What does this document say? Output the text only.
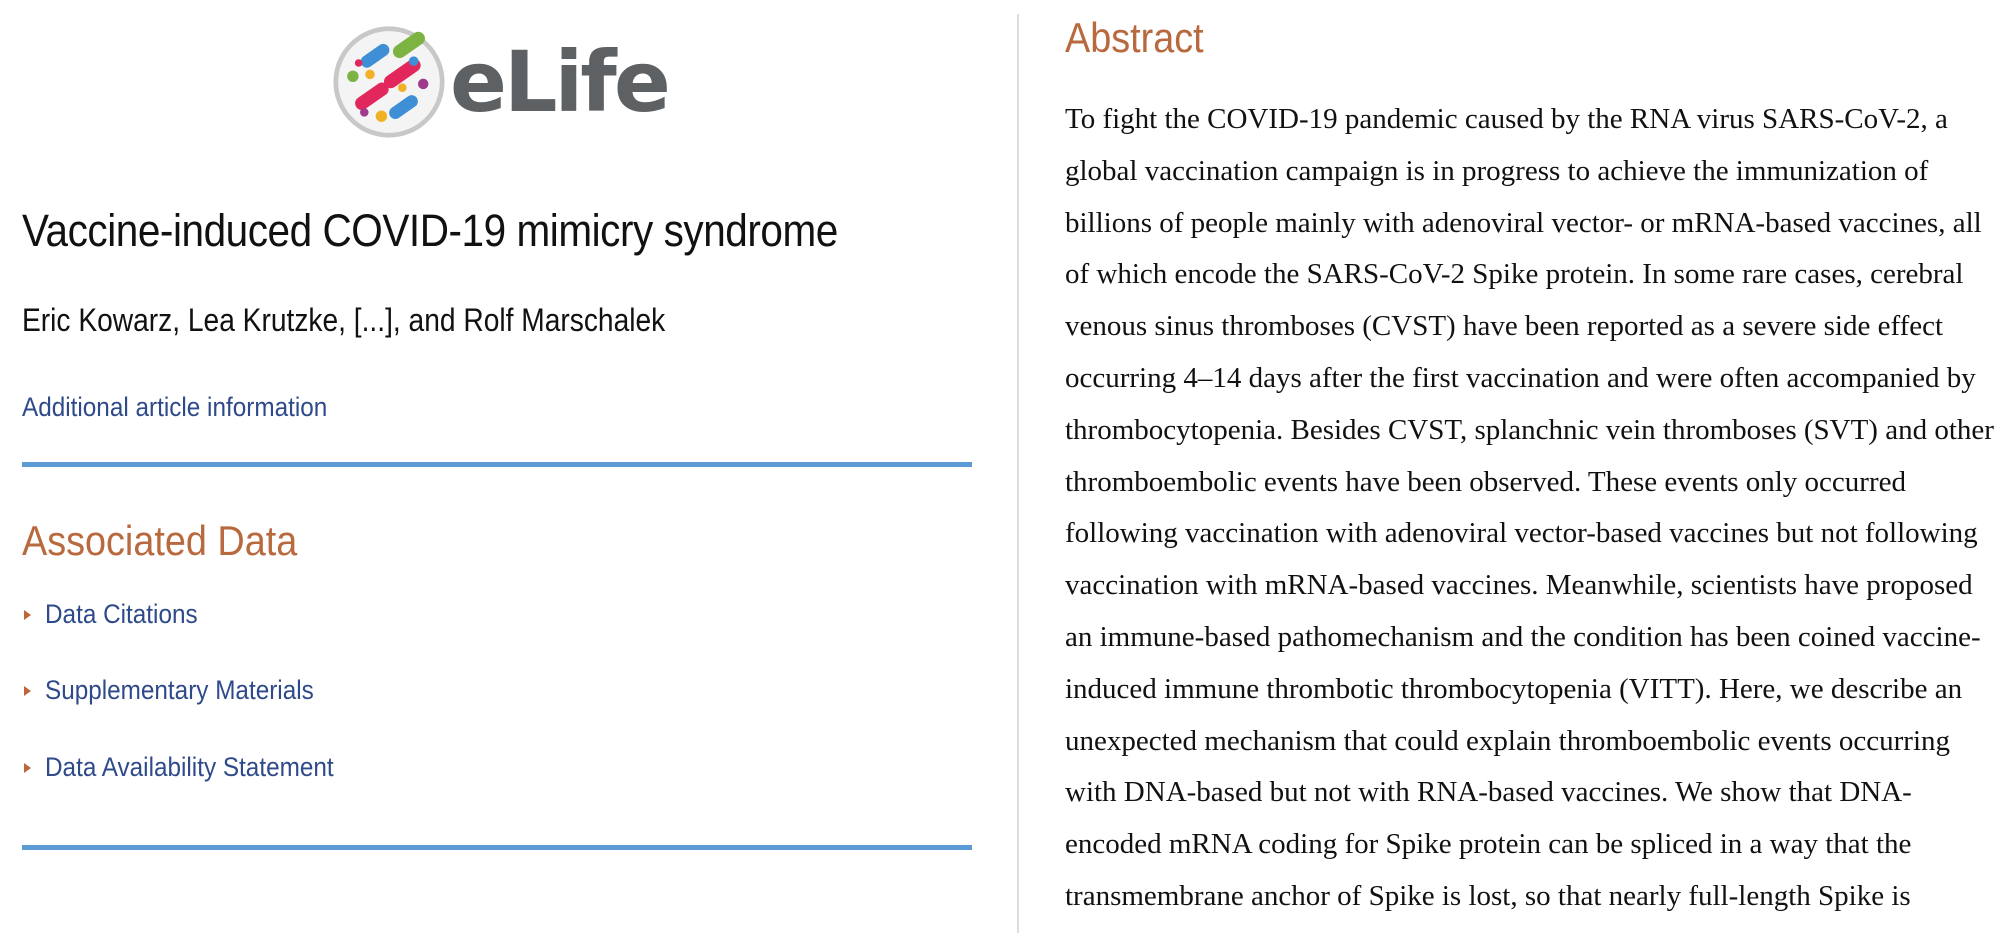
eLife
Vaccine-induced COVID-19 mimicry syndrome
Eric Kowarz, Lea Krutzke, [...], and Rolf Marschalek
Additional article information
Associated Data
Data Citations
Supplementary Materials
Data Availability Statement
Abstract
To fight the COVID-19 pandemic caused by the RNA virus SARS-CoV-2, a
global vaccination campaign is in progress to achieve the immunization of
billions of people mainly with adenoviral vector- or mRNA-based vaccines, all
of which encode the SARS-CoV-2 Spike protein. In some rare cases, cerebral
venous sinus thromboses (CVST) have been reported as a severe side effect
occurring 4–14 days after the first vaccination and were often accompanied by
thrombocytopenia. Besides CVST, splanchnic vein thromboses (SVT) and other
thromboembolic events have been observed. These events only occurred
following vaccination with adenoviral vector-based vaccines but not following
vaccination with mRNA-based vaccines. Meanwhile, scientists have proposed
an immune-based pathomechanism and the condition has been coined vaccine-
induced immune thrombotic thrombocytopenia (VITT). Here, we describe an
unexpected mechanism that could explain thromboembolic events occurring
with DNA-based but not with RNA-based vaccines. We show that DNA-
encoded mRNA coding for Spike protein can be spliced in a way that the
transmembrane anchor of Spike is lost, so that nearly full-length Spike is
